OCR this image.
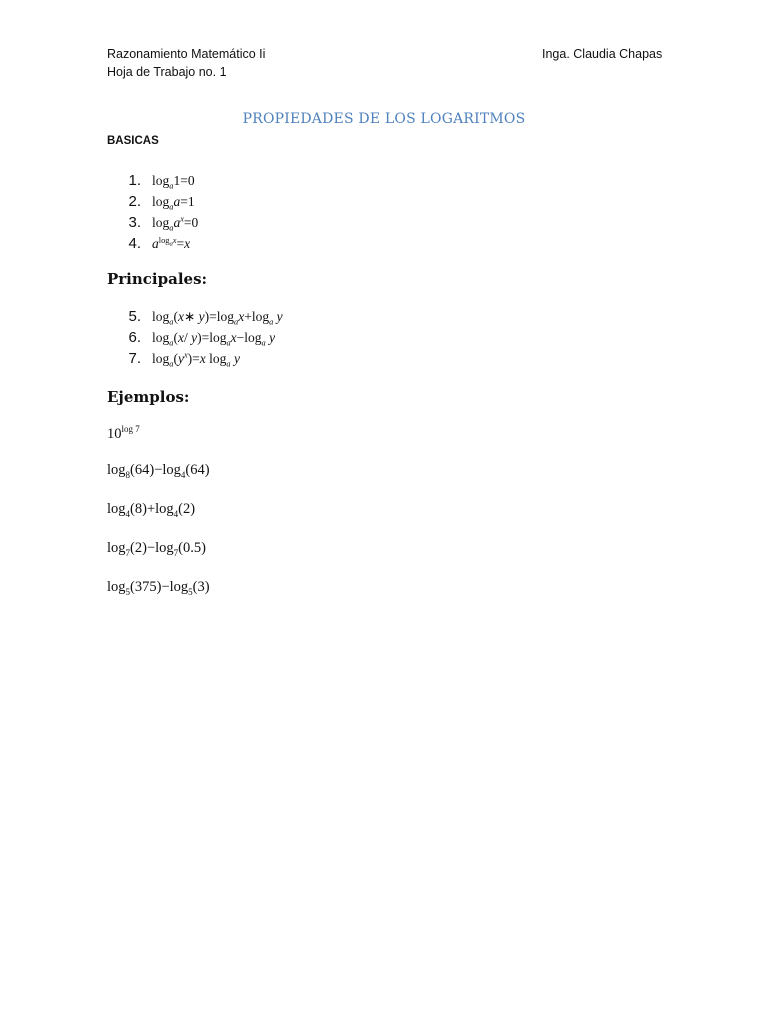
Razonamiento Matemático Ii
Hoja de Trabajo no. 1
Inga. Claudia Chapas
PROPIEDADES DE LOS LOGARITMOS
BASICAS
1. $\log_a1=0$
2. $\log_aa=1$
3. $\log_aa^x=0$
4. $a^{log_ax}=x$
Principales:
5. $\log_a(x∗$ $y)=\log_ax+\log_a$ y
6. $\log_a(x/$ $y)=\log_ax-\log_a$ y
7. $\log_a(y^x)=x$ $\log_a y$
Ejemplos:
$10^{log 7}$
$\log_8(64)-\log_4(64)$
$\log_4(8)+\log_4(2)$
$\log_7(2)-\log_7(0.5)$
$\log_5(375)-\log_5(3)$
